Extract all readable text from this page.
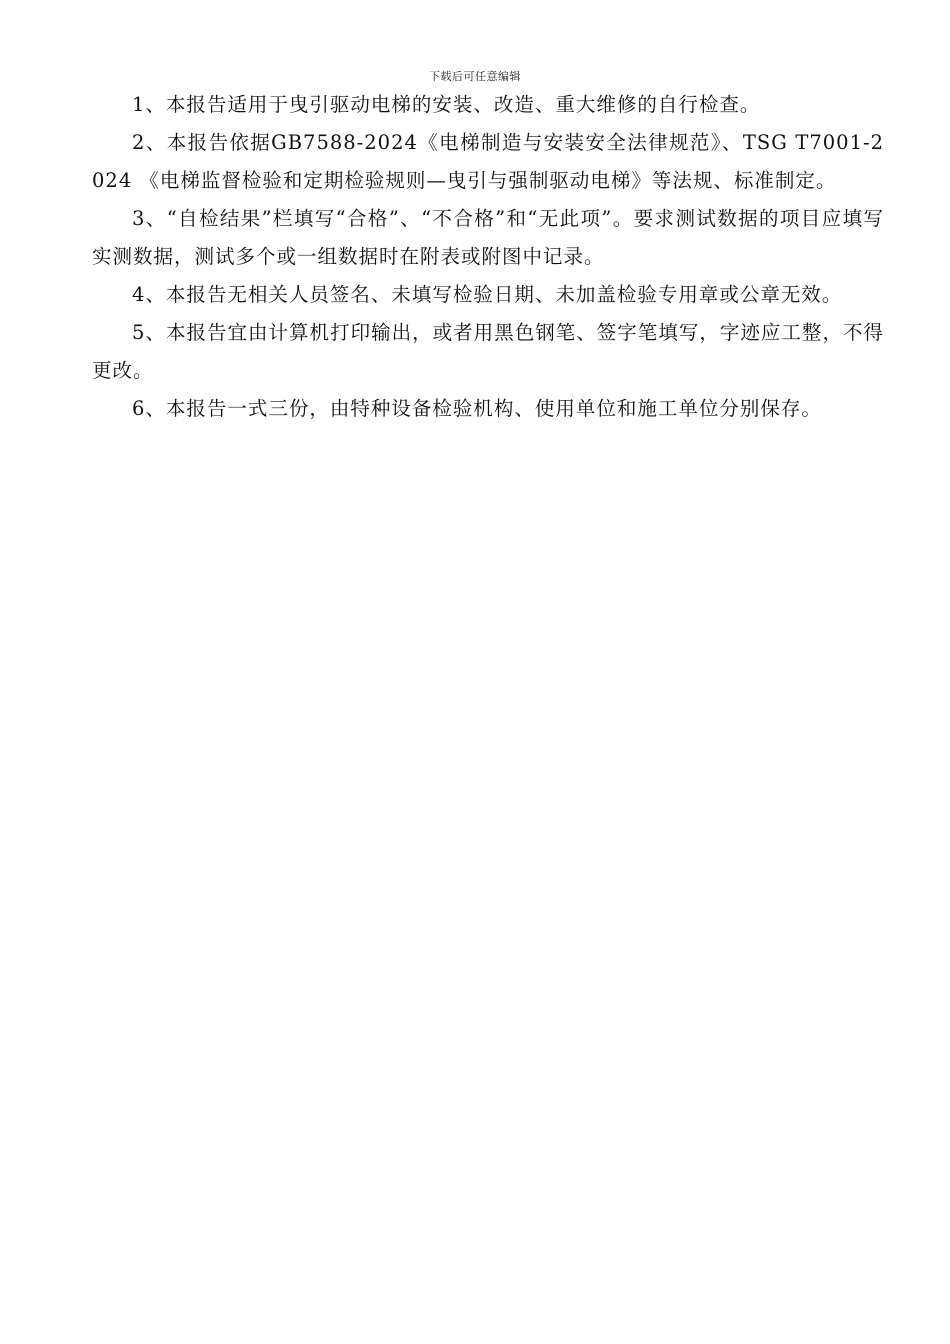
下载后可任意编辑

1、本报告适用于曳引驱动电梯的安装、改造、重大维修的自行检查。

2、本报告依据GB7588-2024《电梯制造与安装安全法律规范》、TSG T7001-2024 《电梯监督检验和定期检验规则—曳引与强制驱动电梯》等法规、标准制定。

3、“自检结果”栏填写“合格”、“不合格”和“无此项”。要求测试数据的项目应填写实测数据，测试多个或一组数据时在附表或附图中记录。

4、本报告无相关人员签名、未填写检验日期、未加盖检验专用章或公章无效。

5、本报告宜由计算机打印输出，或者用黑色钢笔、签字笔填写，字迹应工整，不得更改。

6、本报告一式三份，由特种设备检验机构、使用单位和施工单位分别保存。
